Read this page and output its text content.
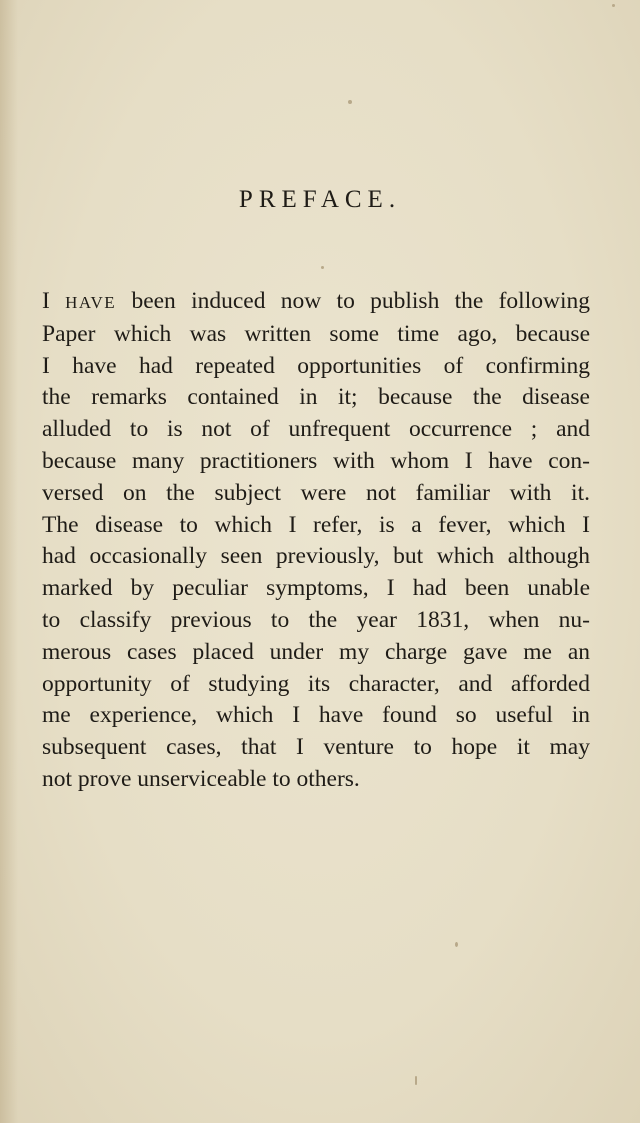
PREFACE.
I HAVE been induced now to publish the following
Paper which was written some time ago, because
I have had repeated opportunities of confirming
the remarks contained in it; because the disease
alluded to is not of unfrequent occurrence ; and
because many practitioners with whom I have con-
versed on the subject were not familiar with it.
The disease to which I refer, is a fever, which I
had occasionally seen previously, but which although
marked by peculiar symptoms, I had been unable
to classify previous to the year 1831, when nu-
merous cases placed under my charge gave me an
opportunity of studying its character, and afforded
me experience, which I have found so useful in
subsequent cases, that I venture to hope it may
not prove unserviceable to others.
